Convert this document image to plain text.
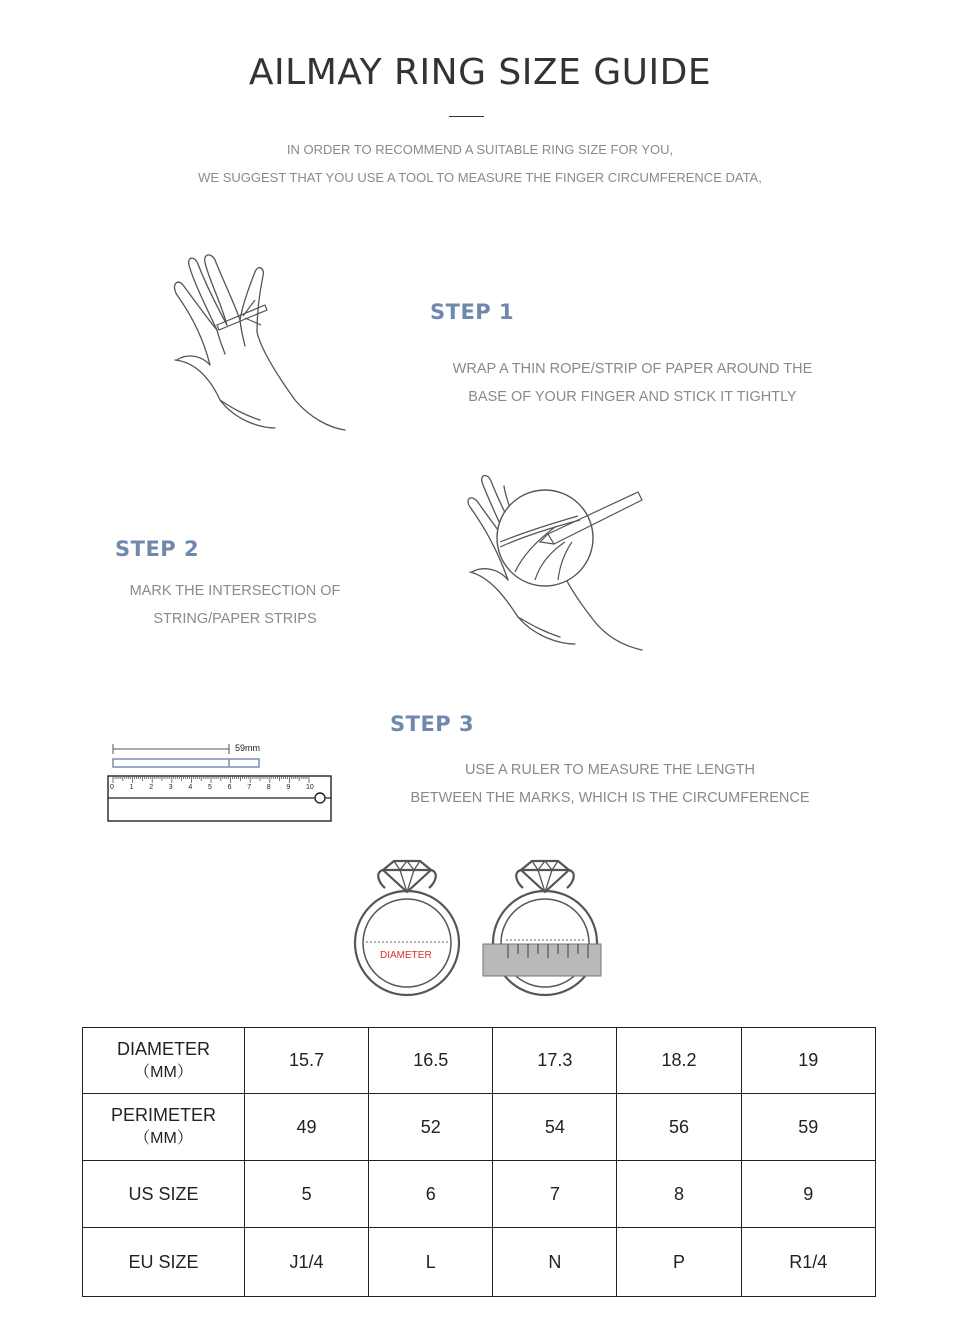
AILMAY RING SIZE GUIDE
IN ORDER TO RECOMMEND A SUITABLE RING SIZE FOR YOU,
WE SUGGEST THAT YOU USE A TOOL TO MEASURE THE FINGER CIRCUMFERENCE DATA,
STEP 1
WRAP A THIN ROPE/STRIP OF PAPER AROUND THE
BASE OF YOUR FINGER AND STICK IT TIGHTLY
STEP 2
MARK THE INTERSECTION OF
STRING/PAPER STRIPS
STEP 3
USE A RULER TO MEASURE THE LENGTH
BETWEEN THE MARKS, WHICH IS THE CIRCUMFERENCE
59mm
0 1 2 3 4 5 6 7 8 9 10
DIAMETER
DIAMETER
（MM）	15.7	16.5	17.3	18.2	19

PERIMETER
（MM）	49	52	54	56	59

US SIZE	5	6	7	8	9

EU SIZE	J1/4	L	N	P	R1/4
